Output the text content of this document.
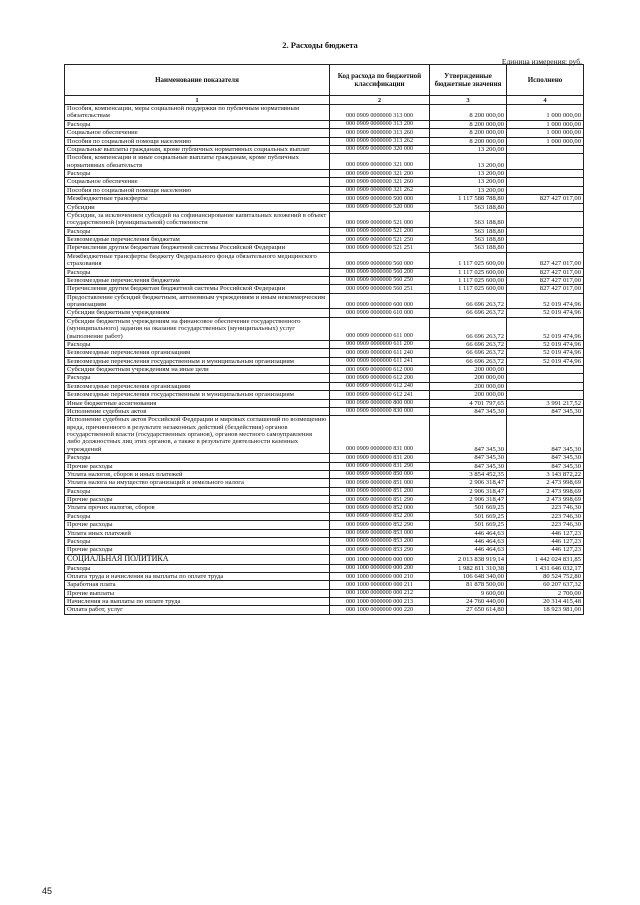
2. Расходы бюджета
Единица измерения: руб.
Наименование показателя	Код расхода по бюджетной классификации	Утвержденные бюджетные значения	Исполнено
1	2	3	4
Пособия, компенсации, меры социальной поддержки по публичным нормативным обязательствам	000 0909 0000000 313 000	8 200 000,00	1 000 000,00
Расходы	000 0909 0000000 313 200	8 200 000,00	1 000 000,00
Социальное обеспечение	000 0909 0000000 313 260	8 200 000,00	1 000 000,00
Пособия по социальной помощи населению	000 0909 0000000 313 262	8 200 000,00	1 000 000,00
Социальные выплаты гражданам, кроме публичных нормативных социальных выплат	000 0909 0000000 320 000	13 200,00	
Пособия, компенсации и иные социальные выплаты гражданам, кроме публичных нормативных обязательств	000 0909 0000000 321 000	13 200,00	
Расходы	000 0909 0000000 321 200	13 200,00	
Социальное обеспечение	000 0909 0000000 321 260	13 200,00	
Пособия по социальной помощи населению	000 0909 0000000 321 262	13 200,00	
Межбюджетные трансферты	000 0909 0000000 500 000	1 117 588 788,80	827 427 017,00
Субсидии	000 0909 0000000 520 000	563 188,80	
Субсидии, за исключением субсидий на софинансирование капитальных вложений в объект государственной (муниципальной) собственности	000 0909 0000000 521 000	563 188,80	
Расходы	000 0909 0000000 521 200	563 188,80	
Безвозмездные перечисления бюджетам	000 0909 0000000 521 250	563 188,80	
Перечисления другим бюджетам бюджетной системы Российской Федерации	000 0909 0000000 521 251	563 188,80	
Межбюджетные трансферты бюджету Федерального фонда обязательного медицинского страхования	000 0909 0000000 560 000	1 117 025 600,00	827 427 017,00
Расходы	000 0909 0000000 560 200	1 117 025 600,00	827 427 017,00
Безвозмездные перечисления бюджетам	000 0909 0000000 560 250	1 117 025 600,00	827 427 017,00
Перечисления другим бюджетам бюджетной системы Российской Федерации	000 0909 0000000 560 251	1 117 025 600,00	827 427 017,00
Предоставление субсидий бюджетным, автономным учреждениям и иным некоммерческим организациям	000 0909 0000000 600 000	66 696 263,72	52 019 474,96
Субсидии бюджетным учреждениям	000 0909 0000000 610 000	66 696 263,72	52 019 474,96
Субсидии бюджетным учреждениям на финансовое обеспечение государственного (муниципального) задания на оказание государственных (муниципальных) услуг (выполнение работ)	000 0909 0000000 611 000	66 696 263,72	52 019 474,96
Расходы	000 0909 0000000 611 200	66 696 263,72	52 019 474,96
Безвозмездные перечисления организациям	000 0909 0000000 611 240	66 696 263,72	52 019 474,96
Безвозмездные перечисления государственным и муниципальным организациям	000 0909 0000000 611 241	66 696 263,72	52 019 474,96
Субсидии бюджетным учреждениям на иные цели	000 0909 0000000 612 000	200 000,00	
Расходы	000 0909 0000000 612 200	200 000,00	
Безвозмездные перечисления организациям	000 0909 0000000 612 240	200 000,00	
Безвозмездные перечисления государственным и муниципальным организациям	000 0909 0000000 612 241	200 000,00	
Иные бюджетные ассигнования	000 0909 0000000 800 000	4 701 797,65	3 991 217,52
Исполнение судебных актов	000 0909 0000000 830 000	847 345,30	847 345,30
Исполнение судебных актов Российской Федерации и мировых соглашений по возмещению вреда, причиненного в результате незаконных действий (бездействия) органов государственной власти (государственных органов), органов местного самоуправления либо должностных лиц этих органов, а также в результате деятельности казенных учреждений	000 0909 0000000 831 000	847 345,30	847 345,30
Расходы	000 0909 0000000 831 200	847 345,30	847 345,30
Прочие расходы	000 0909 0000000 831 290	847 345,30	847 345,30
Уплата налогов, сборов и иных платежей	000 0909 0000000 850 000	3 854 452,35	3 143 872,22
Уплата налога на имущество организаций и земельного налога	000 0909 0000000 851 000	2 906 318,47	2 473 998,69
Расходы	000 0909 0000000 851 200	2 906 318,47	2 473 998,69
Прочие расходы	000 0909 0000000 851 290	2 906 318,47	2 473 998,69
Уплата прочих налогов, сборов	000 0909 0000000 852 000	501 669,25	223 746,30
Расходы	000 0909 0000000 852 200	501 669,25	223 746,30
Прочие расходы	000 0909 0000000 852 290	501 669,25	223 746,30
Уплата иных платежей	000 0909 0000000 853 000	446 464,63	446 127,23
Расходы	000 0909 0000000 853 200	446 464,63	446 127,23
Прочие расходы	000 0909 0000000 853 290	446 464,63	446 127,23
СОЦИАЛЬНАЯ ПОЛИТИКА	000 1000 0000000 000 000	2 013 838 919,14	1 442 024 831,85
Расходы	000 1000 0000000 000 200	1 982 811 310,38	1 431 646 032,17
Оплата труда и начисления на выплаты по оплате труда	000 1000 0000000 000 210	106 648 340,00	80 524 752,80
Заработная плата	000 1000 0000000 000 211	81 878 500,00	60 207 637,32
Прочие выплаты	000 1000 0000000 000 212	9 600,00	2 700,00
Начисления на выплаты по оплате труда	000 1000 0000000 000 213	24 760 440,00	20 314 415,48
Оплата работ, услуг	000 1000 0000000 000 220	27 650 614,80	18 923 981,00
45
